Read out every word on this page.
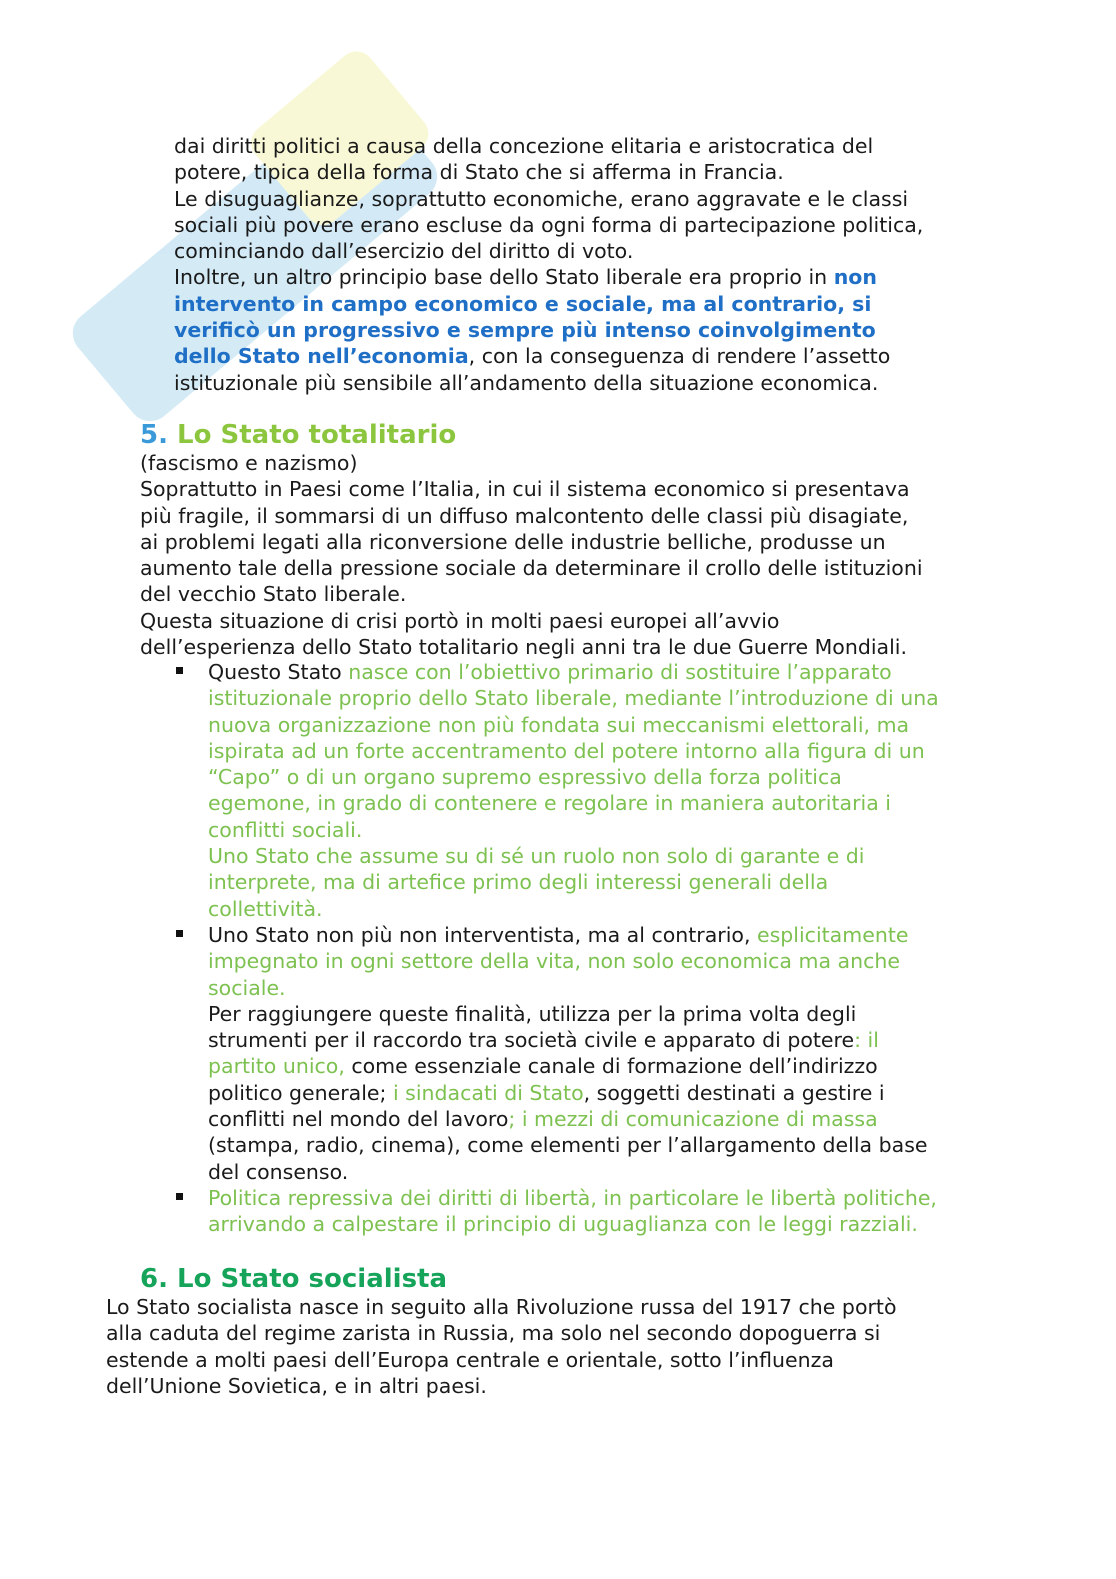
dai diritti politici a causa della concezione elitaria e aristocratica del

potere, tipica della forma di Stato che si afferma in Francia.

Le disuguaglianze, soprattutto economiche, erano aggravate e le classi

sociali più povere erano escluse da ogni forma di partecipazione politica,

cominciando dall’esercizio del diritto di voto.

Inoltre, un altro principio base dello Stato liberale era proprio in non

intervento in campo economico e sociale, ma al contrario, si

verificò un progressivo e sempre più intenso coinvolgimento

dello Stato nell’economia, con la conseguenza di rendere l’assetto

istituzionale più sensibile all’andamento della situazione economica.

5. Lo Stato totalitario

(fascismo e nazismo)

Soprattutto in Paesi come l’Italia, in cui il sistema economico si presentava

più fragile, il sommarsi di un diffuso malcontento delle classi più disagiate,

ai problemi legati alla riconversione delle industrie belliche, produsse un

aumento tale della pressione sociale da determinare il crollo delle istituzioni

del vecchio Stato liberale.

Questa situazione di crisi portò in molti paesi europei all’avvio

dell’esperienza dello Stato totalitario negli anni tra le due Guerre Mondiali.

Questo Stato nasce con l’obiettivo primario di sostituire l’apparato

istituzionale proprio dello Stato liberale, mediante l’introduzione di una

nuova organizzazione non più fondata sui meccanismi elettorali, ma

ispirata ad un forte accentramento del potere intorno alla figura di un

“Capo” o di un organo supremo espressivo della forza politica

egemone, in grado di contenere e regolare in maniera autoritaria i

conflitti sociali.

Uno Stato che assume su di sé un ruolo non solo di garante e di

interprete, ma di artefice primo degli interessi generali della

collettività.

Uno Stato non più non interventista, ma al contrario, esplicitamente

impegnato in ogni settore della vita, non solo economica ma anche

sociale.

Per raggiungere queste finalità, utilizza per la prima volta degli

strumenti per il raccordo tra società civile e apparato di potere: il

partito unico, come essenziale canale di formazione dell’indirizzo

politico generale; i sindacati di Stato, soggetti destinati a gestire i

conflitti nel mondo del lavoro; i mezzi di comunicazione di massa

(stampa, radio, cinema), come elementi per l’allargamento della base

del consenso.

Politica repressiva dei diritti di libertà, in particolare le libertà politiche,

arrivando a calpestare il principio di uguaglianza con le leggi razziali.

6. Lo Stato socialista

Lo Stato socialista nasce in seguito alla Rivoluzione russa del 1917 che portò

alla caduta del regime zarista in Russia, ma solo nel secondo dopoguerra si

estende a molti paesi dell’Europa centrale e orientale, sotto l’influenza

dell’Unione Sovietica, e in altri paesi.
